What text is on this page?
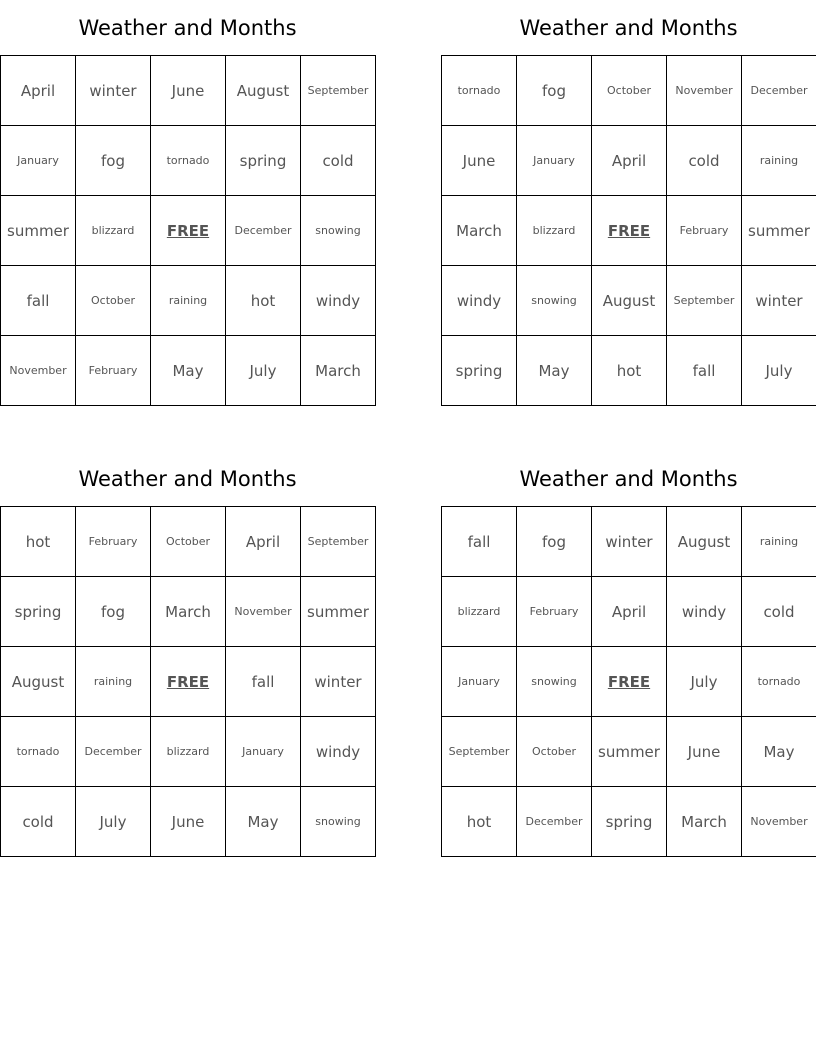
Weather and Months
April	winter	June	August	September
January	fog	tornado	spring	cold
summer	blizzard	FREE	December	snowing
fall	October	raining	hot	windy
November	February	May	July	March
Weather and Months
tornado	fog	October	November	December
June	January	April	cold	raining
March	blizzard	FREE	February	summer
windy	snowing	August	September	winter
spring	May	hot	fall	July
Weather and Months
hot	February	October	April	September
spring	fog	March	November	summer
August	raining	FREE	fall	winter
tornado	December	blizzard	January	windy
cold	July	June	May	snowing
Weather and Months
fall	fog	winter	August	raining
blizzard	February	April	windy	cold
January	snowing	FREE	July	tornado
September	October	summer	June	May
hot	December	spring	March	November
